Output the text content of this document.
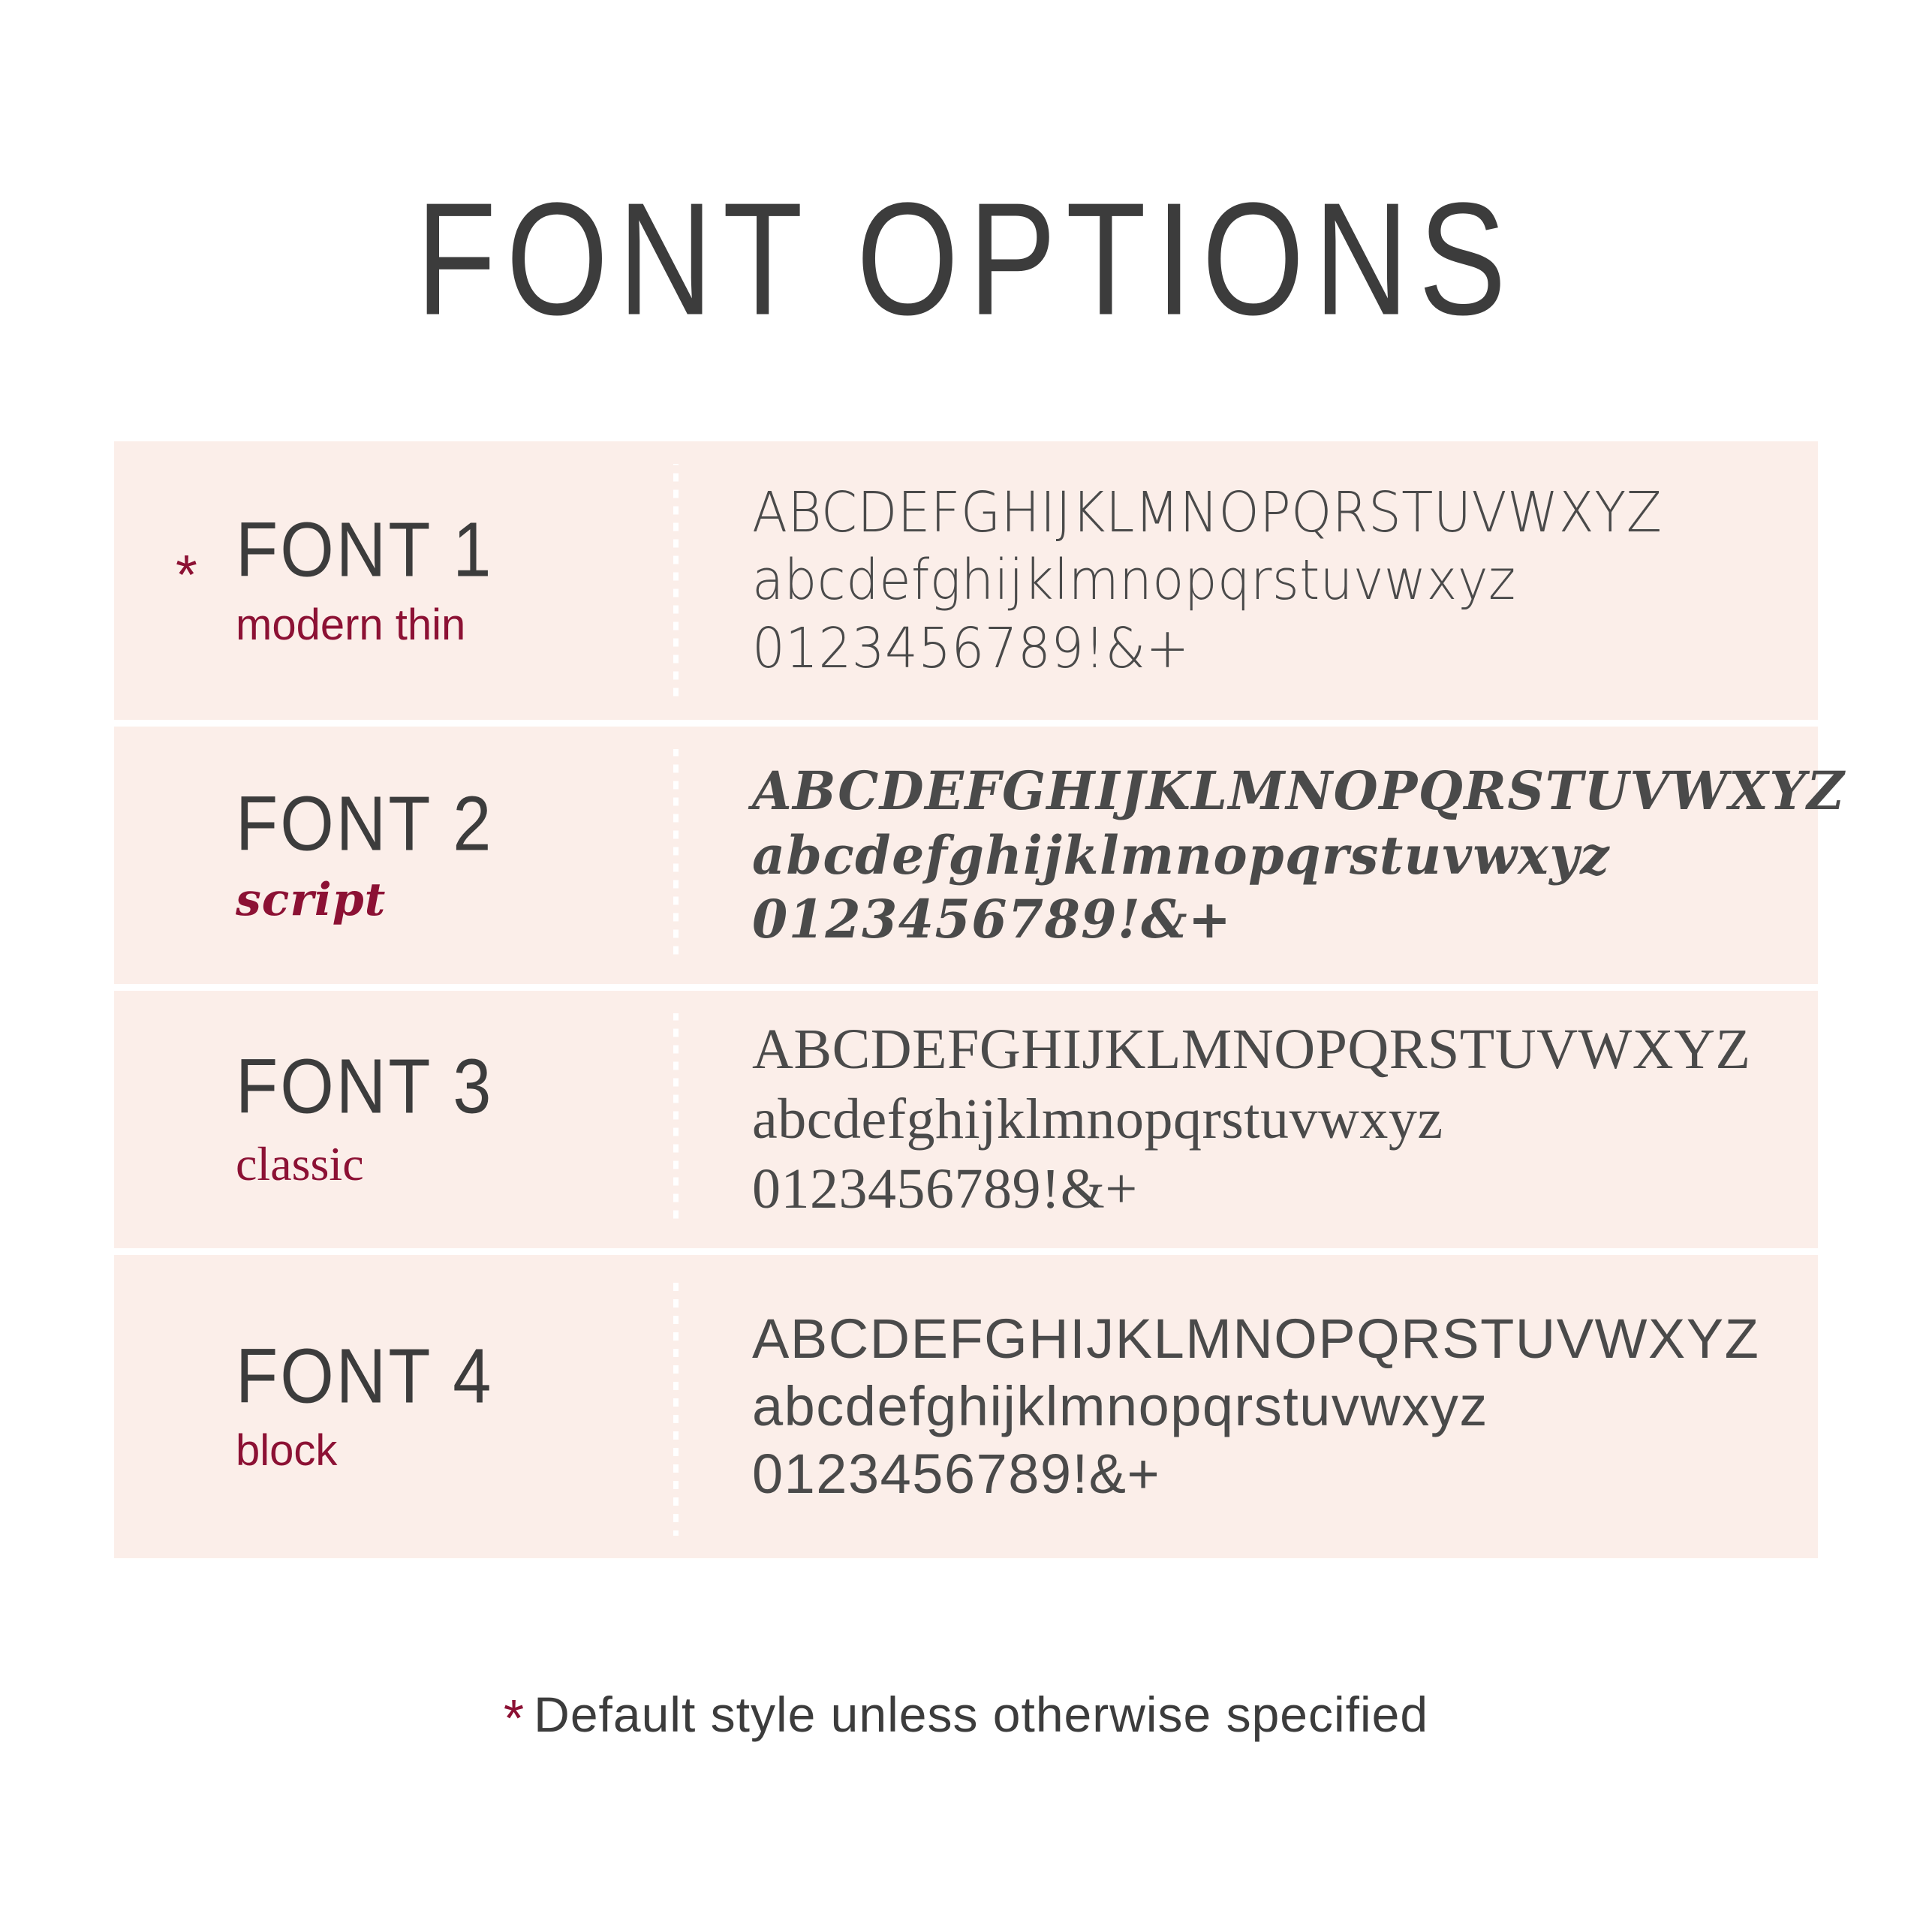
FONT OPTIONS
* FONT 1
modern thin
ABCDEFGHIJKLMNOPQRSTUVWXYZ
abcdefghijklmnopqrstuvwxyz
0123456789!&+
FONT 2
script
ABCDEFGHIJKLMNOPQRSTUVWXYZ
abcdefghijklmnopqrstuvwxyz
0123456789!&+
FONT 3
classic
ABCDEFGHIJKLMNOPQRSTUVWXYZ
abcdefghijklmnopqrstuvwxyz
0123456789!&+
FONT 4
block
ABCDEFGHIJKLMNOPQRSTUVWXYZ
abcdefghijklmnopqrstuvwxyz
0123456789!&+
* Default style unless otherwise specified
